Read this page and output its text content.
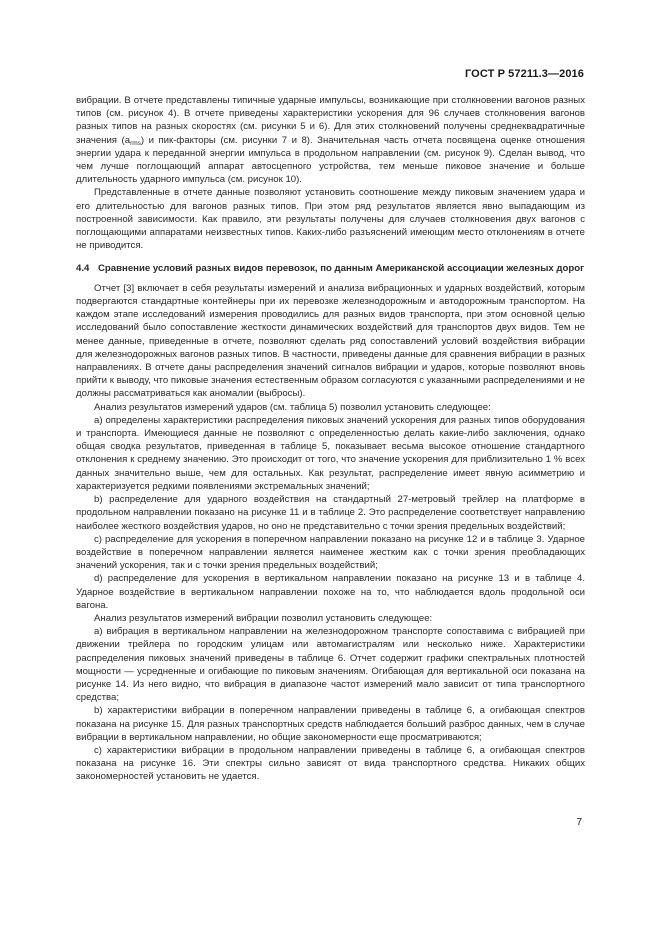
ГОСТ Р 57211.3—2016

вибрации. В отчете представлены типичные ударные импульсы, возникающие при столкновении вагонов разных типов (см. рисунок 4). В отчете приведены характеристики ускорения для 96 случаев столкновения вагонов разных типов на разных скоростях (см. рисунки 5 и 6). Для этих столкновений получены среднеквадратичные значения $(a_{rms})$ и пик-факторы (см. рисунки 7 и 8). Значительная часть отчета посвящена оценке отношения энергии удара к переданной энергии импульса в продольном направлении (см. рисунок 9). Сделан вывод, что чем лучше поглощающий аппарат автосцепного устройства, тем меньше пиковое значение и больше длительность ударного импульса (см. рисунок 10).

Представленные в отчете данные позволяют установить соотношение между пиковым значением удара и его длительностью для вагонов разных типов. При этом ряд результатов является явно выпадающим из построенной зависимости. Как правило, эти результаты получены для случаев столкновения двух вагонов с поглощающими аппаратами неизвестных типов. Каких-либо разъяснений имеющим место отклонениям в отчете не приводится.

4.4 Сравнение условий разных видов перевозок, по данным Американской ассоциации железных дорог

Отчет [3] включает в себя результаты измерений и анализа вибрационных и ударных воздействий, которым подвергаются стандартные контейнеры при их перевозке железнодорожным и автодорожным транспортом. На каждом этапе исследований измерения проводились для разных видов транспорта, при этом основной целью исследований было сопоставление жесткости динамических воздействий для транспортов двух видов. Тем не менее данные, приведенные в отчете, позволяют сделать ряд сопоставлений условий воздействия вибрации для железнодорожных вагонов разных типов. В частности, приведены данные для сравнения вибрации в разных направлениях. В отчете даны распределения значений сигналов вибрации и ударов, которые позволяют вновь прийти к выводу, что пиковые значения естественным образом согласуются с указанными распределениями и не должны рассматриваться как аномалии (выбросы).

Анализ результатов измерений ударов (см. таблица 5) позволил установить следующее:

а) определены характеристики распределения пиковых значений ускорения для разных типов оборудования и транспорта. Имеющиеся данные не позволяют с определенностью делать какие-либо заключения, однако общая сводка результатов, приведенная в таблице 5, показывает весьма высокое отношение стандартного отклонения к среднему значению. Это происходит от того, что значение ускорения для приблизительно 1 % всех данных значительно выше, чем для остальных. Как результат, распределение имеет явную асимметрию и характеризуется редкими появлениями экстремальных значений;

b) распределение для ударного воздействия на стандартный 27-метровый трейлер на платформе в продольном направлении показано на рисунке 11 и в таблице 2. Это распределение соответствует направлению наиболее жесткого воздействия ударов, но оно не представительно с точки зрения предельных воздействий;

c) распределение для ускорения в поперечном направлении показано на рисунке 12 и в таблице 3. Ударное воздействие в поперечном направлении является наименее жестким как с точки зрения преобладающих значений ускорения, так и с точки зрения предельных воздействий;

d) распределение для ускорения в вертикальном направлении показано на рисунке 13 и в таблице 4. Ударное воздействие в вертикальном направлении похоже на то, что наблюдается вдоль продольной оси вагона.

Анализ результатов измерений вибрации позволил установить следующее:

а) вибрация в вертикальном направлении на железнодорожном транспорте сопоставима с вибрацией при движении трейлера по городским улицам или автомагистралям или несколько ниже. Характеристики распределения пиковых значений приведены в таблице 6. Отчет содержит графики спектральных плотностей мощности — усредненные и огибающие по пиковым значениям. Огибающая для вертикальной оси показана на рисунке 14. Из него видно, что вибрация в диапазоне частот измерений мало зависит от типа транспортного средства;

b) характеристики вибрации в поперечном направлении приведены в таблице 6, а огибающая спектров показана на рисунке 15. Для разных транспортных средств наблюдается больший разброс данных, чем в случае вибрации в вертикальном направлении, но общие закономерности еще просматриваются;

c) характеристики вибрации в продольном направлении приведены в таблице 6, а огибающая спектров показана на рисунке 16. Эти спектры сильно зависят от вида транспортного средства. Никаких общих закономерностей установить не удается.

7
